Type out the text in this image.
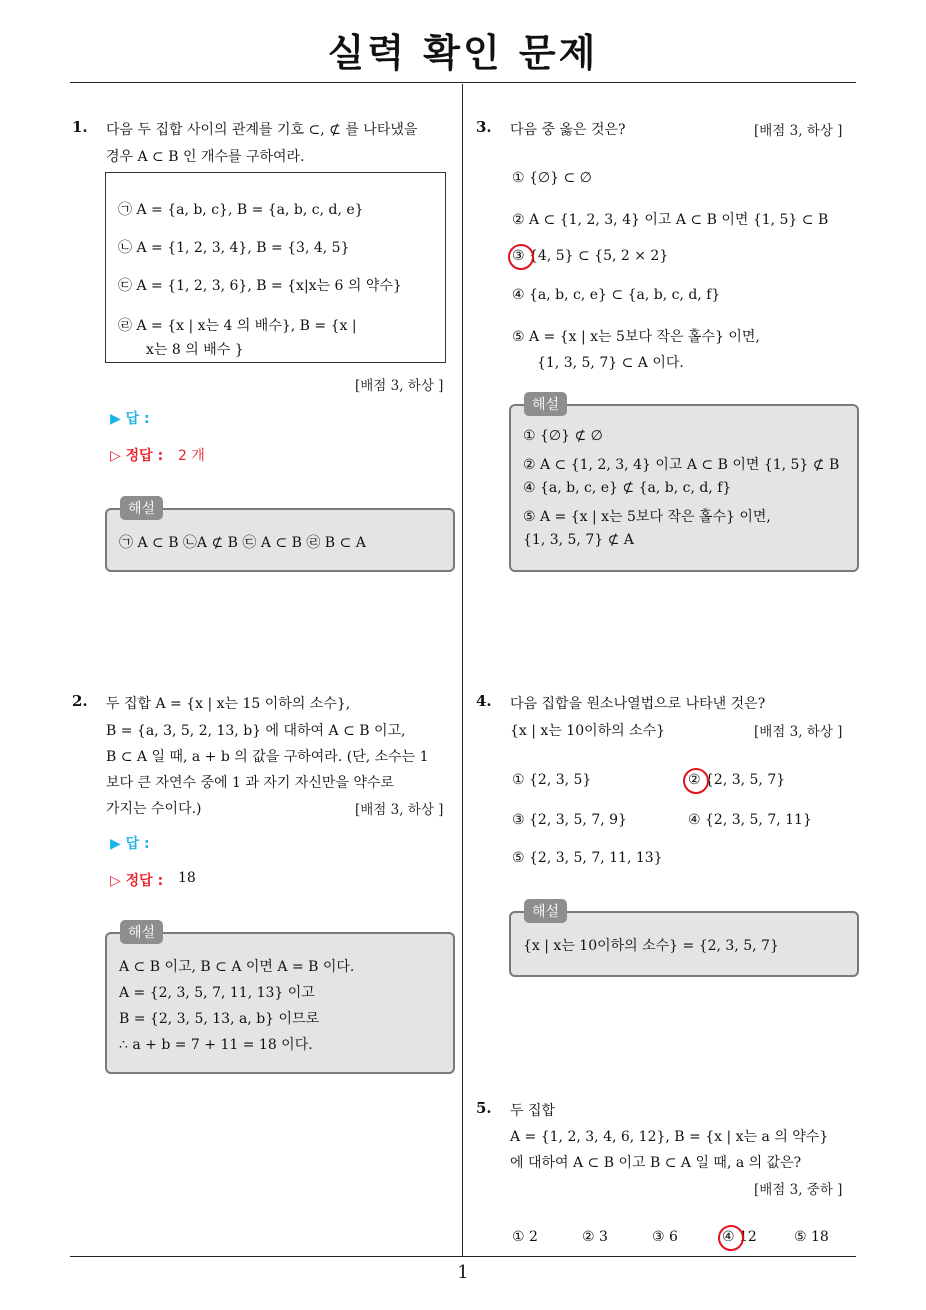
실력 확인 문제
1
1. 다음 두 집합 사이의 관계를 기호 ⊂, ⊄ 를 나타냈을
경우 A ⊂ B 인 개수를 구하여라.
㉠ A = {a, b, c}, B = {a, b, c, d, e}
㉡ A = {1, 2, 3, 4}, B = {3, 4, 5}
㉢ A = {1, 2, 3, 6}, B = {x|x는 6 의 약수}
㉣ A = {x | x는 4 의 배수}, B = {x |
x는 8 의 배수 }
[배점 3, 하상 ]
▶ 답 :
▷ 정답 : 2 개
㉠ A ⊂ B ㉡A ⊄ B ㉢ A ⊂ B ㉣ B ⊂ A
해설
2. 두 집합 A = {x | x는 15 이하의 소수},
B = {a, 3, 5, 2, 13, b} 에 대하여 A ⊂ B 이고,
B ⊂ A 일 때, a + b 의 값을 구하여라. (단, 소수는 1
보다 큰 자연수 중에 1 과 자기 자신만을 약수로
가지는 수이다.)	[배점 3, 하상 ]
▶ 답 :
▷ 정답 : 18
A ⊂ B 이고, B ⊂ A 이면 A = B 이다.
A = {2, 3, 5, 7, 11, 13} 이고
B = {2, 3, 5, 13, a, b} 이므로
∴ a + b = 7 + 11 = 18 이다.
해설
3. 다음 중 옳은 것은?	[배점 3, 하상 ]
① {∅} ⊂ ∅
② A ⊂ {1, 2, 3, 4} 이고 A ⊂ B 이면 {1, 5} ⊂ B
③ {4, 5} ⊂ {5, 2 × 2}
④ {a, b, c, e} ⊂ {a, b, c, d, f}
⑤ A = {x | x는 5보다 작은 홀수} 이면,
{1, 3, 5, 7} ⊂ A 이다.
① {∅} ⊄ ∅
② A ⊂ {1, 2, 3, 4} 이고 A ⊂ B 이면 {1, 5} ⊄ B
④ {a, b, c, e} ⊄ {a, b, c, d, f}
⑤ A = {x | x는 5보다 작은 홀수} 이면,
{1, 3, 5, 7} ⊄ A
해설
4. 다음 집합을 원소나열법으로 나타낸 것은?
{x | x는 10이하의 소수}	[배점 3, 하상 ]
① {2, 3, 5}	② {2, 3, 5, 7}
③ {2, 3, 5, 7, 9}	④ {2, 3, 5, 7, 11}
⑤ {2, 3, 5, 7, 11, 13}
{x | x는 10이하의 소수} = {2, 3, 5, 7}
해설
5. 두 집합
A = {1, 2, 3, 4, 6, 12}, B = {x | x는 a 의 약수}
에 대하여 A ⊂ B 이고 B ⊂ A 일 때, a 의 값은?
[배점 3, 중하 ]
① 2	② 3	③ 6	④ 12	⑤ 18
